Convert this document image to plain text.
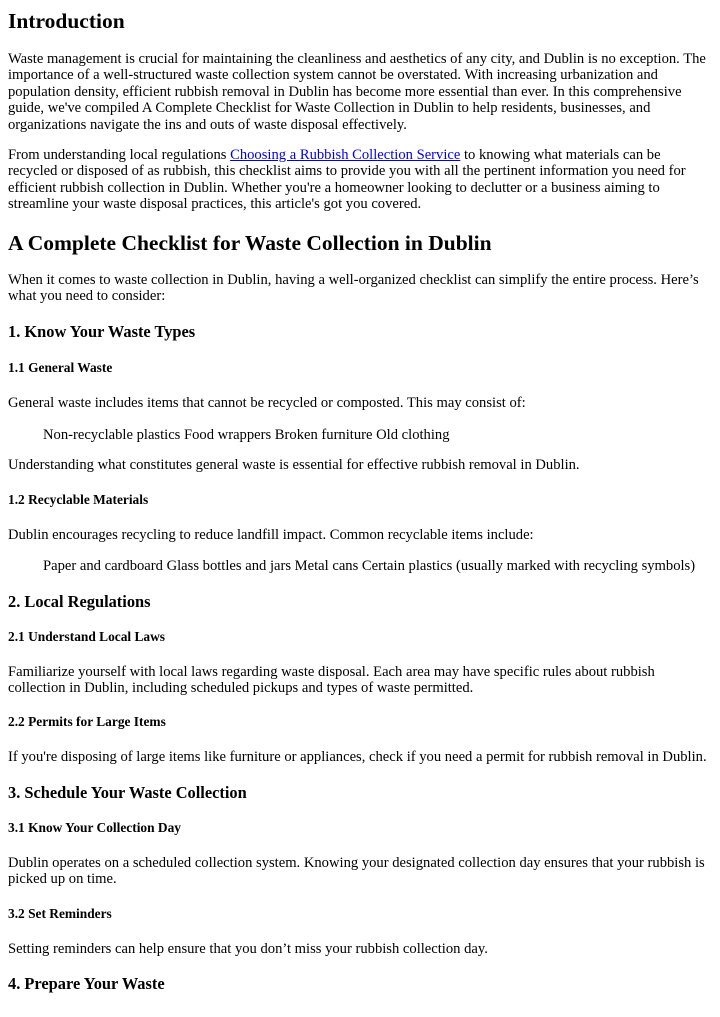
Introduction

Waste management is crucial for maintaining the cleanliness and aesthetics of any city, and Dublin is no exception. The importance of a well-structured waste collection system cannot be overstated. With increasing urbanization and population density, efficient rubbish removal in Dublin has become more essential than ever. In this comprehensive guide, we've compiled A Complete Checklist for Waste Collection in Dublin to help residents, businesses, and organizations navigate the ins and outs of waste disposal effectively.

From understanding local regulations Choosing a Rubbish Collection Service to knowing what materials can be recycled or disposed of as rubbish, this checklist aims to provide you with all the pertinent information you need for efficient rubbish collection in Dublin. Whether you're a homeowner looking to declutter or a business aiming to streamline your waste disposal practices, this article's got you covered.

A Complete Checklist for Waste Collection in Dublin

When it comes to waste collection in Dublin, having a well-organized checklist can simplify the entire process. Here’s what you need to consider:

1. Know Your Waste Types
1.1 General Waste

General waste includes items that cannot be recycled or composted. This may consist of:

Non-recyclable plastics Food wrappers Broken furniture Old clothing

Understanding what constitutes general waste is essential for effective rubbish removal in Dublin.

1.2 Recyclable Materials

Dublin encourages recycling to reduce landfill impact. Common recyclable items include:

Paper and cardboard Glass bottles and jars Metal cans Certain plastics (usually marked with recycling symbols)

2. Local Regulations
2.1 Understand Local Laws

Familiarize yourself with local laws regarding waste disposal. Each area may have specific rules about rubbish collection in Dublin, including scheduled pickups and types of waste permitted.

2.2 Permits for Large Items

If you're disposing of large items like furniture or appliances, check if you need a permit for rubbish removal in Dublin.

3. Schedule Your Waste Collection
3.1 Know Your Collection Day

Dublin operates on a scheduled collection system. Knowing your designated collection day ensures that your rubbish is picked up on time.

3.2 Set Reminders

Setting reminders can help ensure that you don’t miss your rubbish collection day.

4. Prepare Your Waste
